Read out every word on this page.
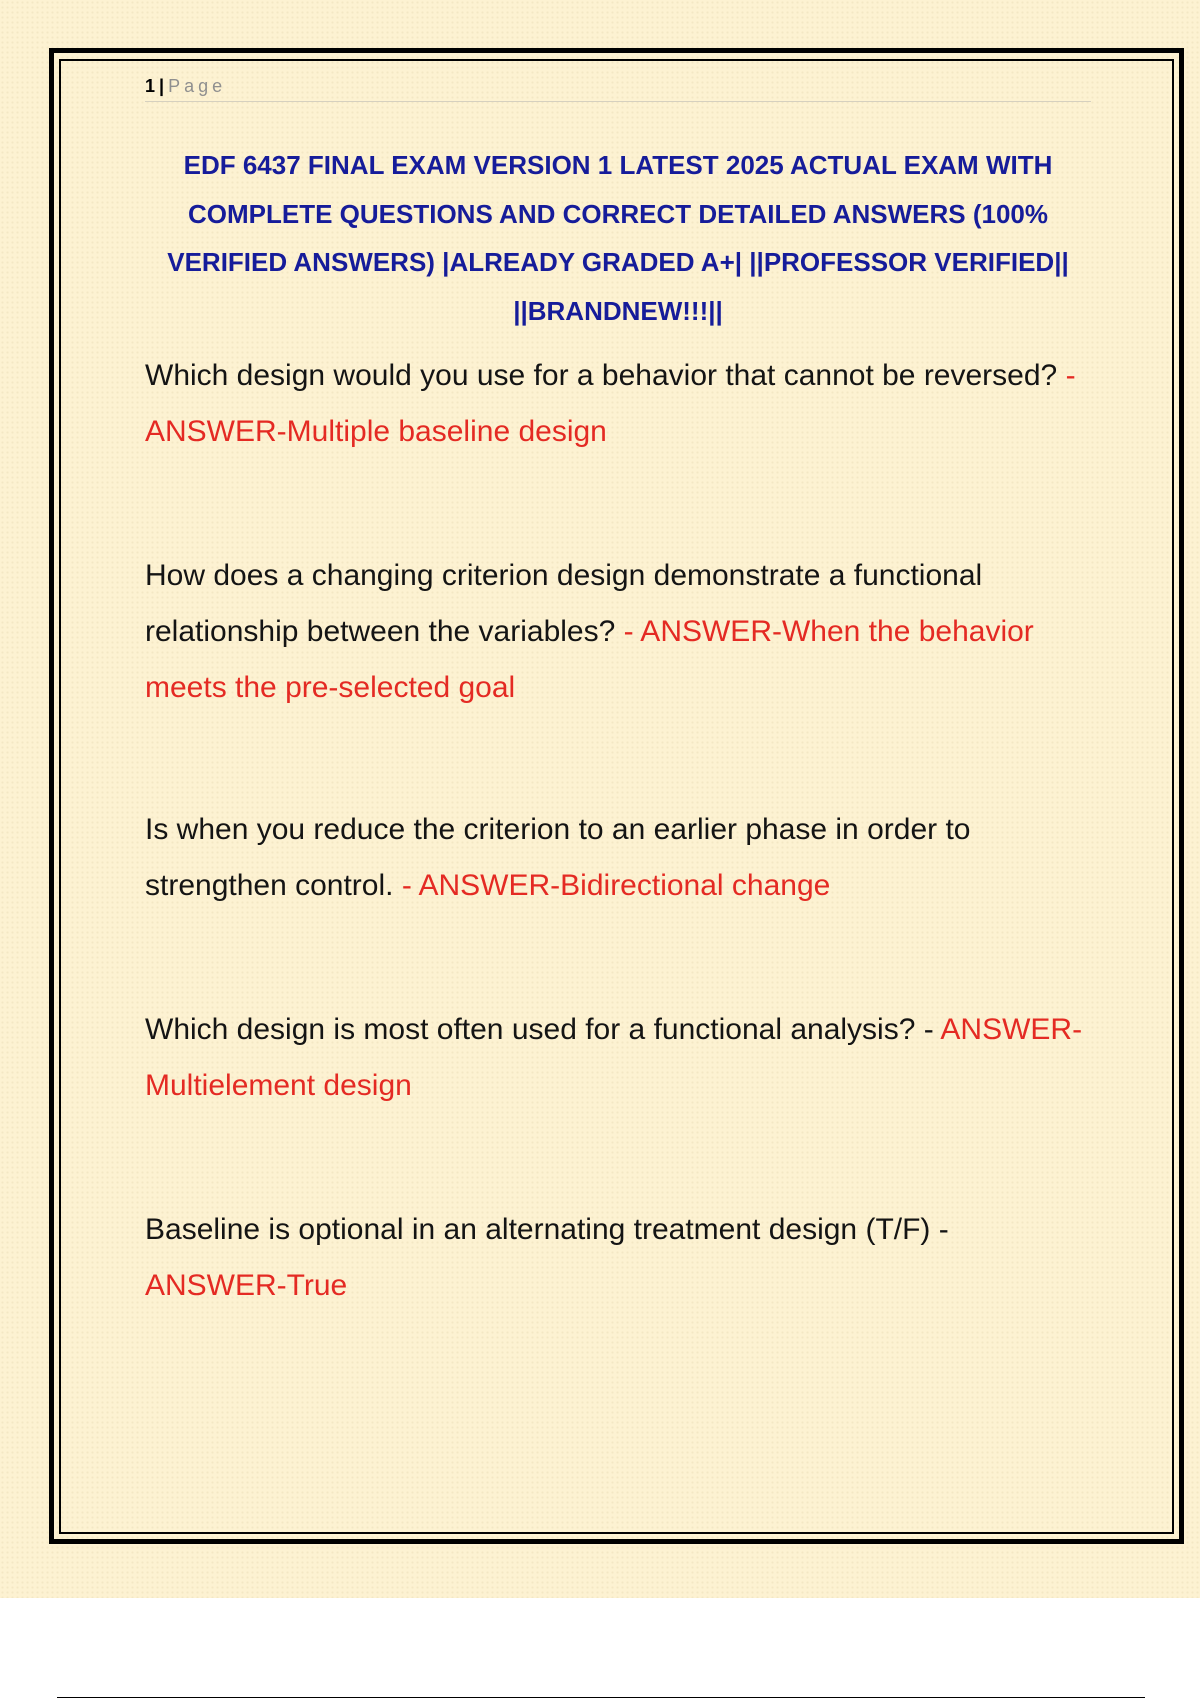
1 | Page
EDF 6437 FINAL EXAM VERSION 1 LATEST 2025 ACTUAL EXAM WITH COMPLETE QUESTIONS AND CORRECT DETAILED ANSWERS (100% VERIFIED ANSWERS) |ALREADY GRADED A+| ||PROFESSOR VERIFIED|| ||BRANDNEW!!!||

Which design would you use for a behavior that cannot be reversed? - ANSWER-Multiple baseline design

How does a changing criterion design demonstrate a functional relationship between the variables? - ANSWER-When the behavior meets the pre-selected goal

Is when you reduce the criterion to an earlier phase in order to strengthen control. - ANSWER-Bidirectional change

Which design is most often used for a functional analysis? - ANSWER-Multielement design

Baseline is optional in an alternating treatment design (T/F) - ANSWER-True
